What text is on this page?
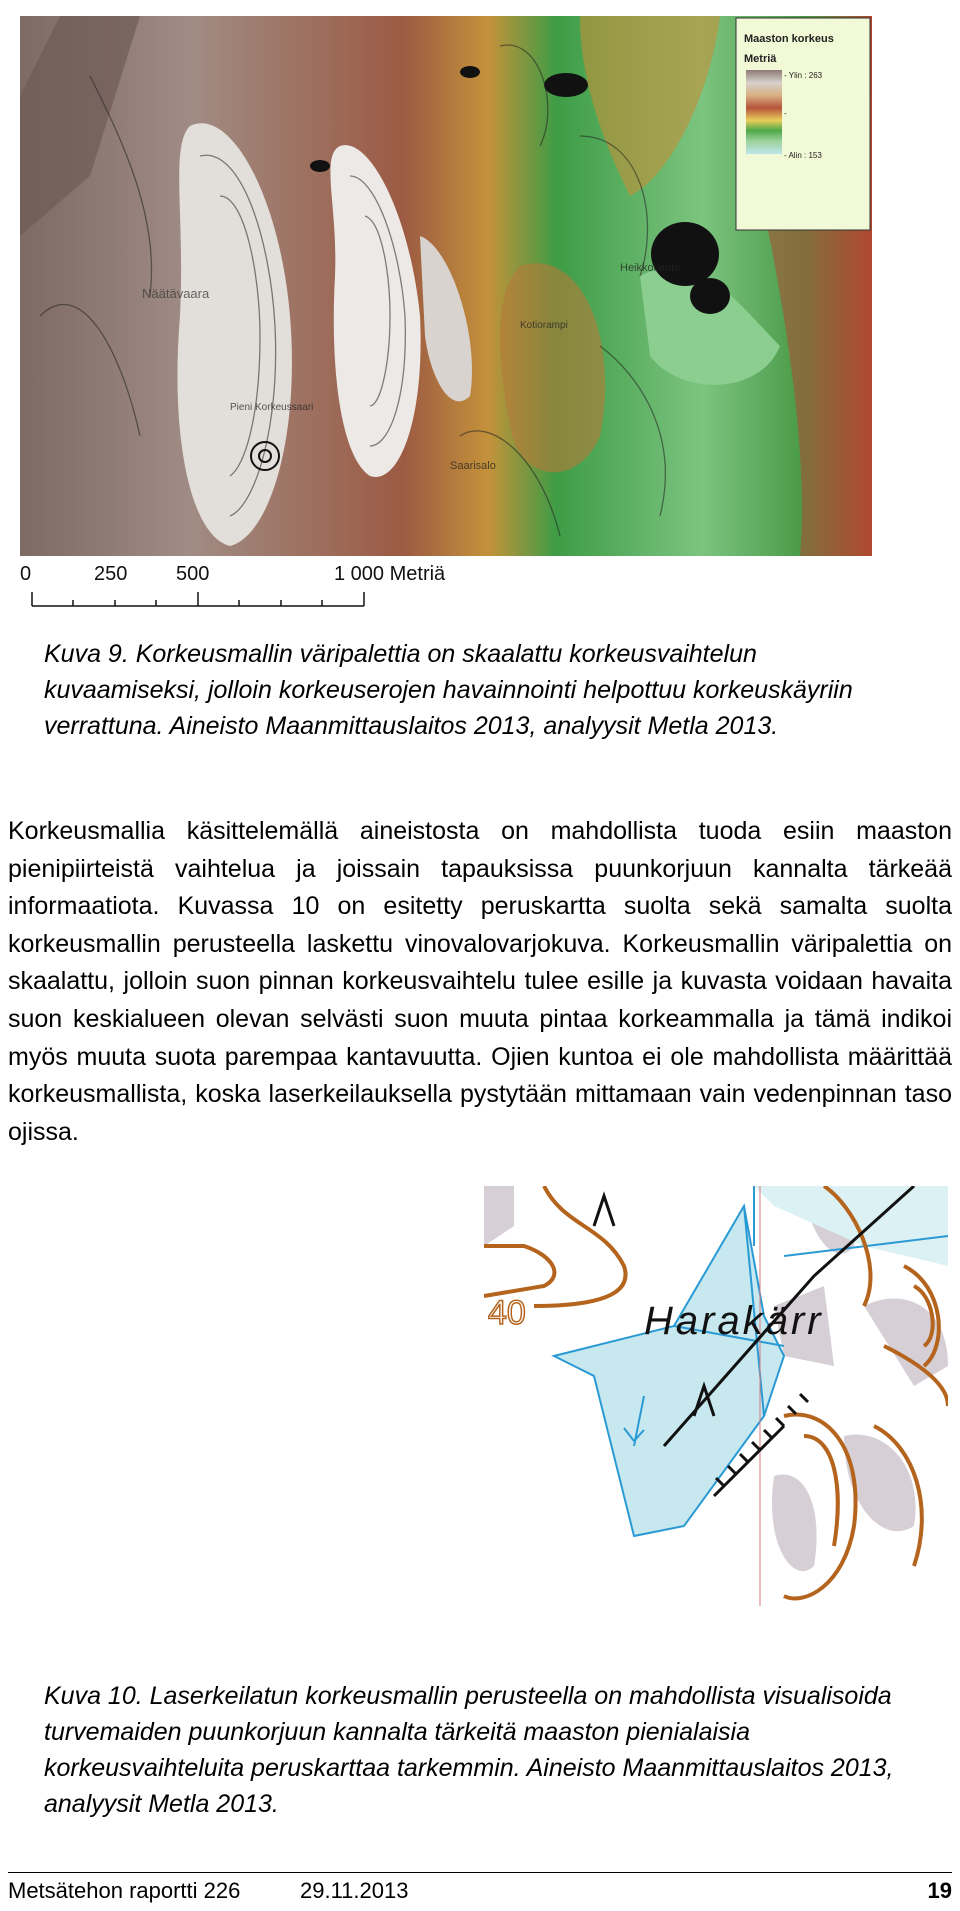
Näätävaara
Pieni Korkeussaari
Heikkolampi
Kotiorampi
Saarisalo
Maaston korkeus
Metriä
- Ylin : 263
-
- Alin : 153
0	250 500	1 000 Metriä
Kuva 9. Korkeusmallin väripalettia on skaalattu korkeusvaihtelun kuvaamiseksi, jolloin korkeuserojen havainnointi helpottuu korkeuskäyriin verrattuna. Aineisto Maanmittauslaitos 2013, analyysit Metla 2013.
Korkeusmallia käsittelemällä aineistosta on mahdollista tuoda esiin maaston pienipiirteistä vaihtelua ja joissain tapauksissa puunkorjuun kannalta tärkeää informaatiota. Kuvassa 10 on esitetty peruskartta suolta sekä samalta suolta korkeusmallin perusteella laskettu vinovalovarjokuva. Korkeusmallin väripalettia on skaalattu, jolloin suon pinnan korkeusvaihtelu tulee esille ja kuvasta voidaan havaita suon keskialueen olevan selvästi suon muuta pintaa korkeammalla ja tämä indikoi myös muuta suota parempaa kantavuutta. Ojien kuntoa ei ole mahdollista määrittää korkeusmallista, koska laserkeilauksella pystytään mittamaan vain vedenpinnan taso ojissa.
40	Harakärr
Kuva 10. Laserkeilatun korkeusmallin perusteella on mahdollista visualisoida turvemaiden puunkorjuun kannalta tärkeitä maaston pienialaisia korkeusvaihteluita peruskarttaa tarkemmin. Aineisto Maanmittauslaitos 2013, analyysit Metla 2013.
Metsätehon raportti 226	29.11.2013	19
